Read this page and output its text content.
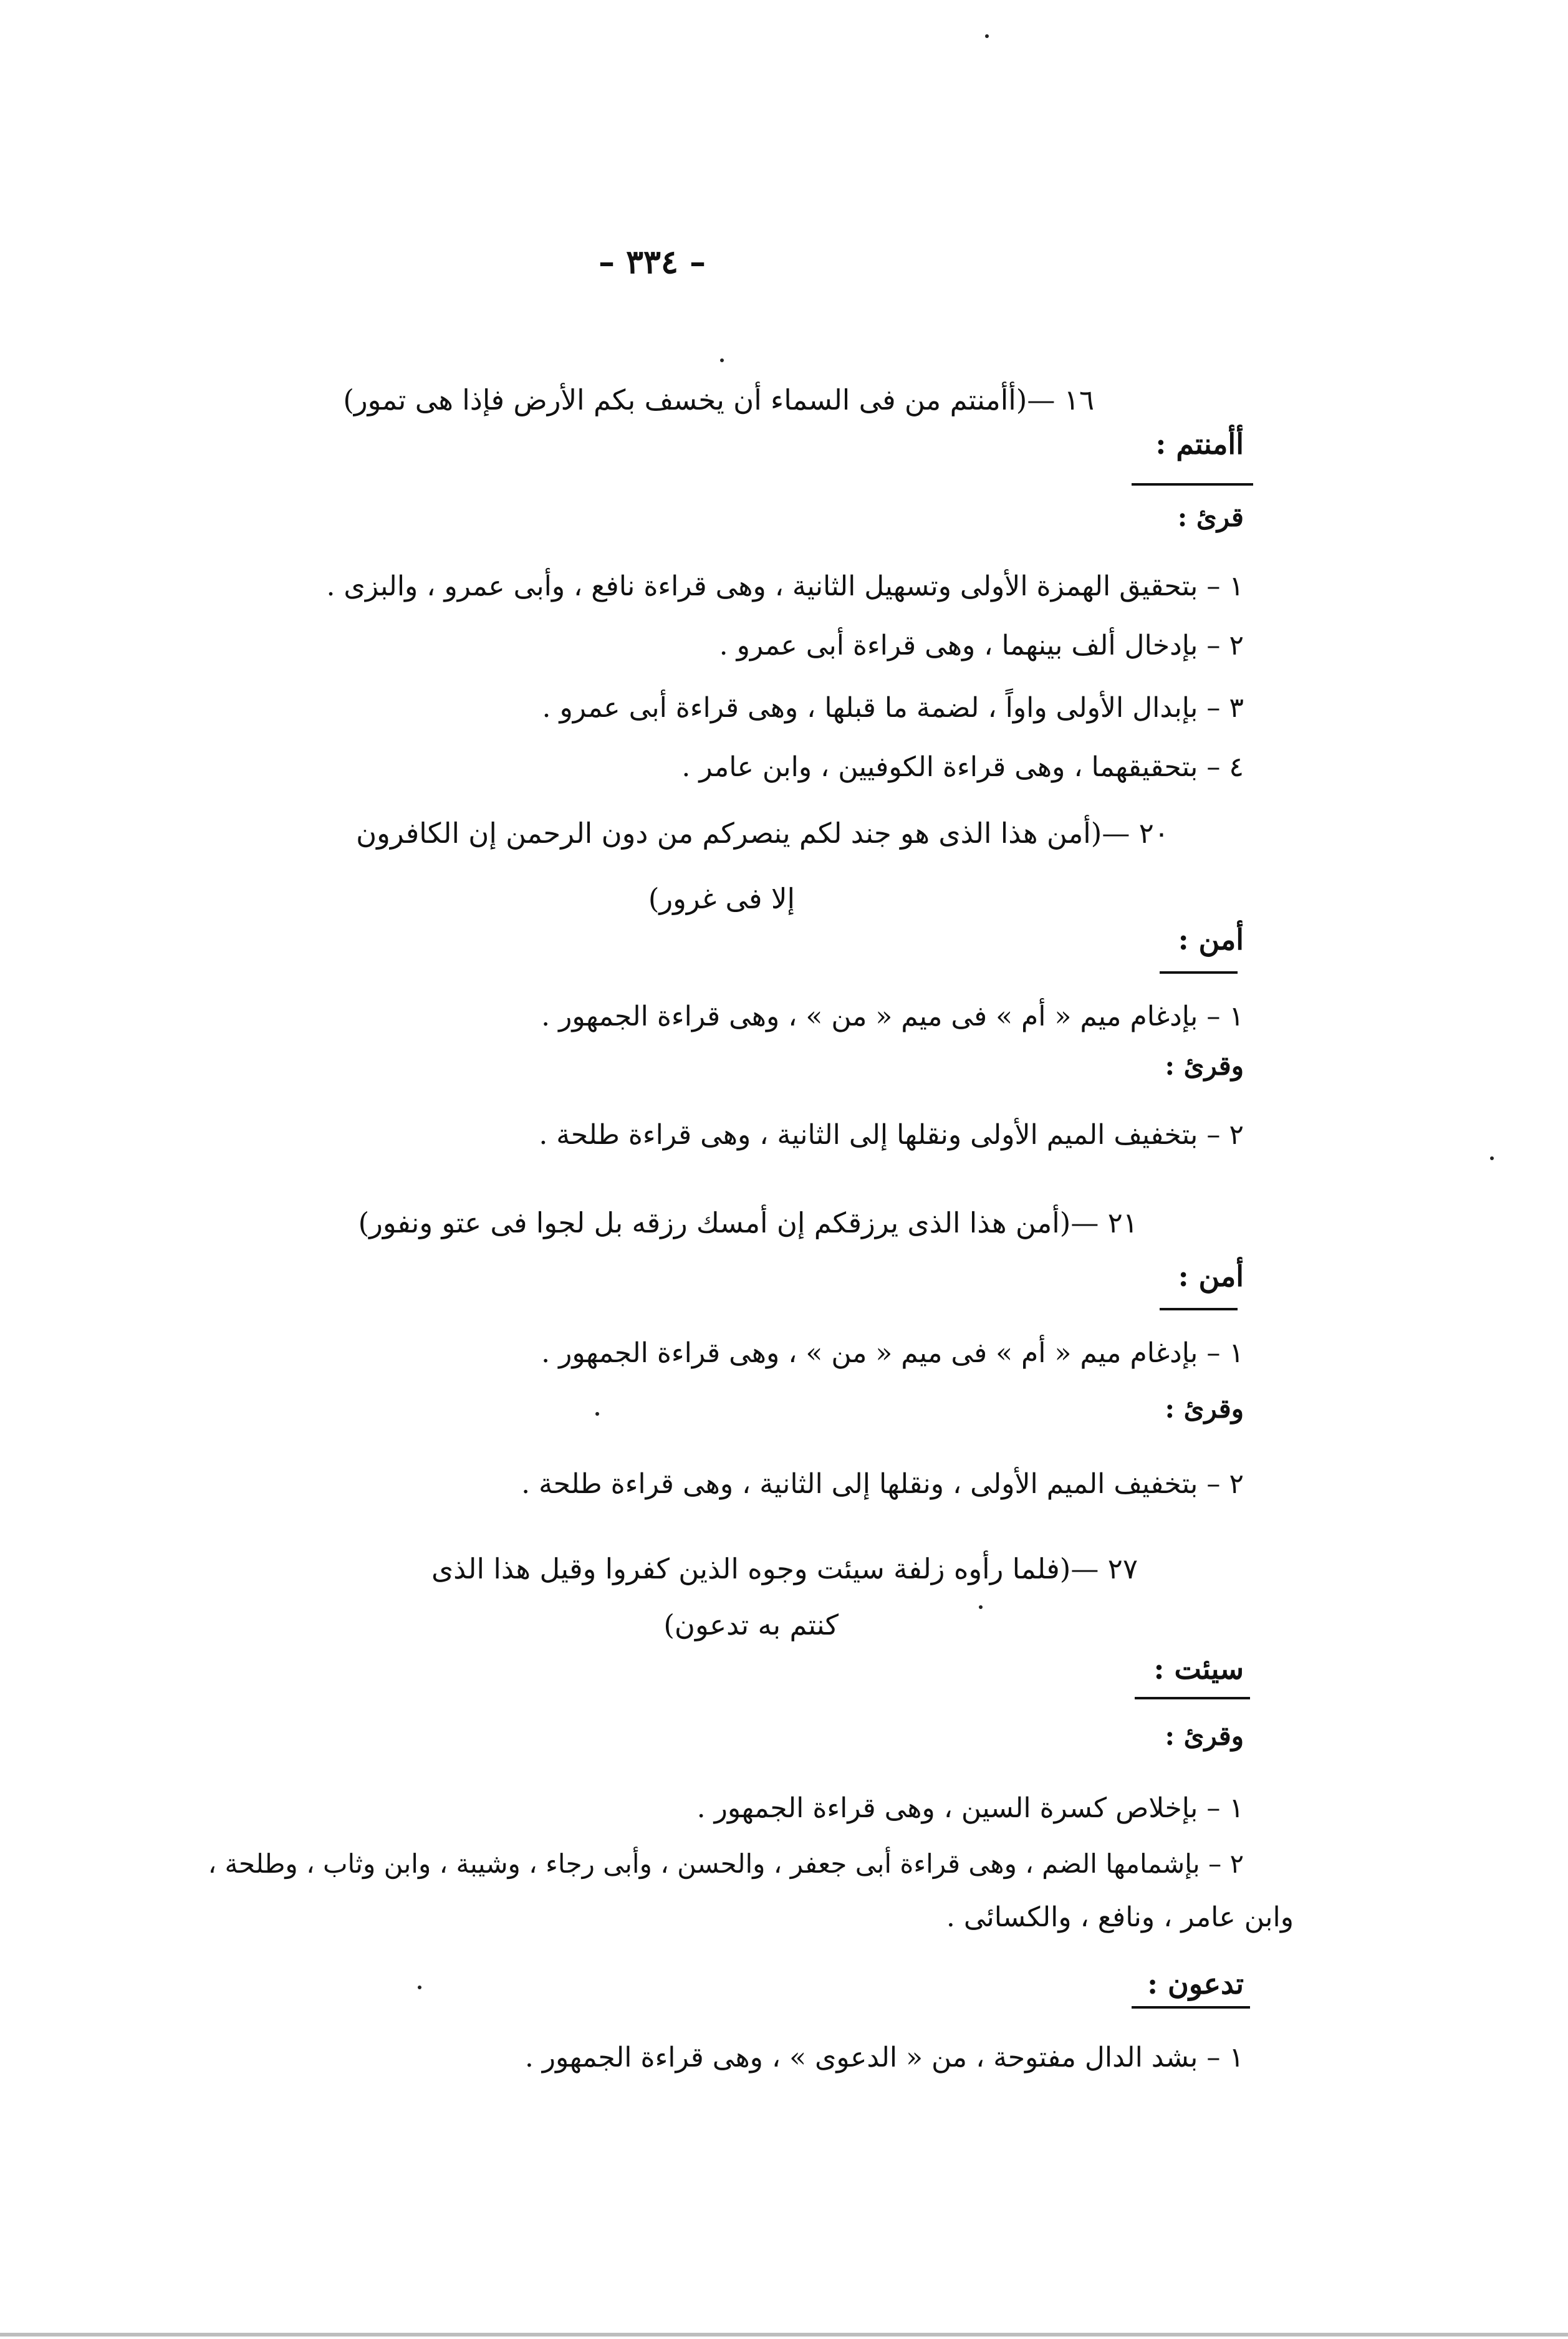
– ٣٣٤ –
١٦ —(أأمنتم من فى السماء أن يخسف بكم الأرض فإذا هى تمور)
أأمنتم :
قرئ :
١ – بتحقيق الهمزة الأولى وتسهيل الثانية ، وهى قراءة نافع ، وأبى عمرو ، والبزى .
٢ – بإدخال ألف بينهما ، وهى قراءة أبى عمرو .
٣ – بإبدال الأولى واواً ، لضمة ما قبلها ، وهى قراءة أبى عمرو .
٤ – بتحقيقهما ، وهى قراءة الكوفيين ، وابن عامر .
٢٠ —(أمن هذا الذى هو جند لكم ينصركم من دون الرحمن إن الكافرون
إلا فى غرور)
أمن :
١ – بإدغام ميم « أم » فى ميم « من » ، وهى قراءة الجمهور .
وقرئ :
٢ – بتخفيف الميم الأولى ونقلها إلى الثانية ، وهى قراءة طلحة .
٢١ —(أمن هذا الذى يرزقكم إن أمسك رزقه بل لجوا فى عتو ونفور)
أمن :
١ – بإدغام ميم « أم » فى ميم « من » ، وهى قراءة الجمهور .
وقرئ :
٢ – بتخفيف الميم الأولى ، ونقلها إلى الثانية ، وهى قراءة طلحة .
٢٧ —(فلما رأوه زلفة سيئت وجوه الذين كفروا وقيل هذا الذى
كنتم به تدعون)
سيئت :
وقرئ :
١ – بإخلاص كسرة السين ، وهى قراءة الجمهور .
٢ – بإشمامها الضم ، وهى قراءة أبى جعفر ، والحسن ، وأبى رجاء ، وشيبة ، وابن وثاب ، وطلحة ،
وابن عامر ، ونافع ، والكسائى .
تدعون :
١ – بشد الدال مفتوحة ، من « الدعوى » ، وهى قراءة الجمهور .
